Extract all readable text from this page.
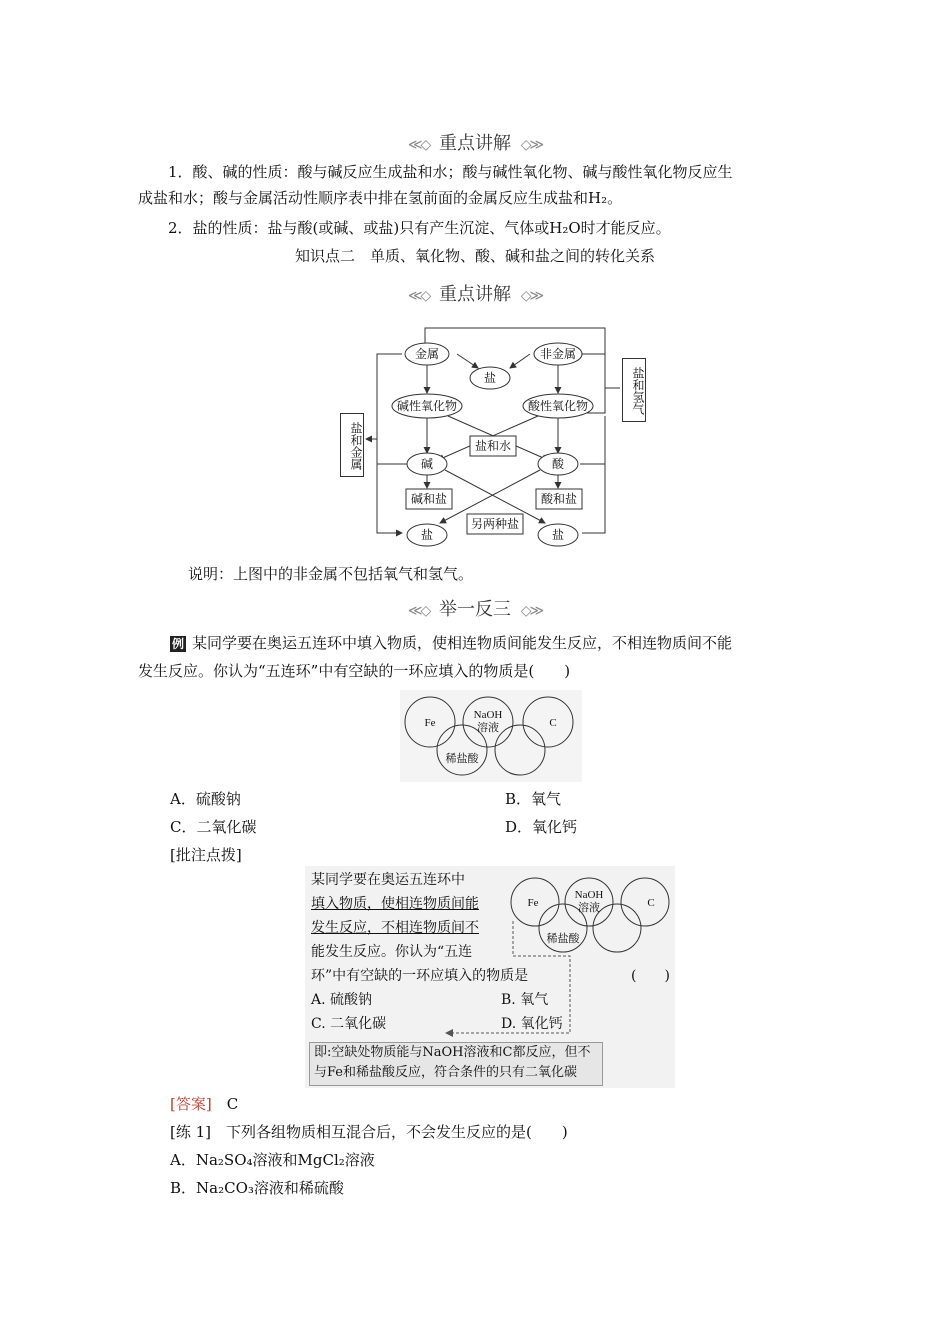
≪◇ 重点讲解 ◇≫
1．酸、碱的性质：酸与碱反应生成盐和水；酸与碱性氧化物、碱与酸性氧化物反应生
成盐和水；酸与金属活动性顺序表中排在氢前面的金属反应生成盐和H₂。
2．盐的性质：盐与酸(或碱、或盐)只有产生沉淀、气体或H₂O时才能反应。
知识点二　单质、氧化物、酸、碱和盐之间的转化关系
≪◇ 重点讲解 ◇≫
金属	非金属
盐
碱性氧化物	酸性氧化物
盐和水
碱	酸
碱和盐	酸和盐
另两种盐
盐	盐
盐和金属
盐和氢气
说明：上图中的非金属不包括氧气和氢气。
≪◇ 举一反三 ◇≫
例 某同学要在奥运五连环中填入物质，使相连物质间能发生反应，不相连物质间不能
发生反应。你认为“五连环”中有空缺的一环应填入的物质是(　　)
Fe
NaOH
溶液	C
稀盐酸
A．硫酸钠	B．氧气
C．二氧化碳	D．氧化钙
[批注点拨]
某同学要在奥运五连环中
填入物质，使相连物质间能
发生反应，不相连物质间不
能发生反应。你认为“五连
环”中有空缺的一环应填入的物质是	(　　)
A. 硫酸钠	B. 氧气
C. 二氧化碳	D. 氧化钙
Fe
NaOH
溶液	C
稀盐酸
即:空缺处物质能与NaOH溶液和C都反应，但不
与Fe和稀盐酸反应，符合条件的只有二氧化碳
[答案]　 C
[练 1]　下列各组物质相互混合后，不会发生反应的是(　　)
A．Na₂SO₄溶液和MgCl₂溶液
B．Na₂CO₃溶液和稀硫酸
